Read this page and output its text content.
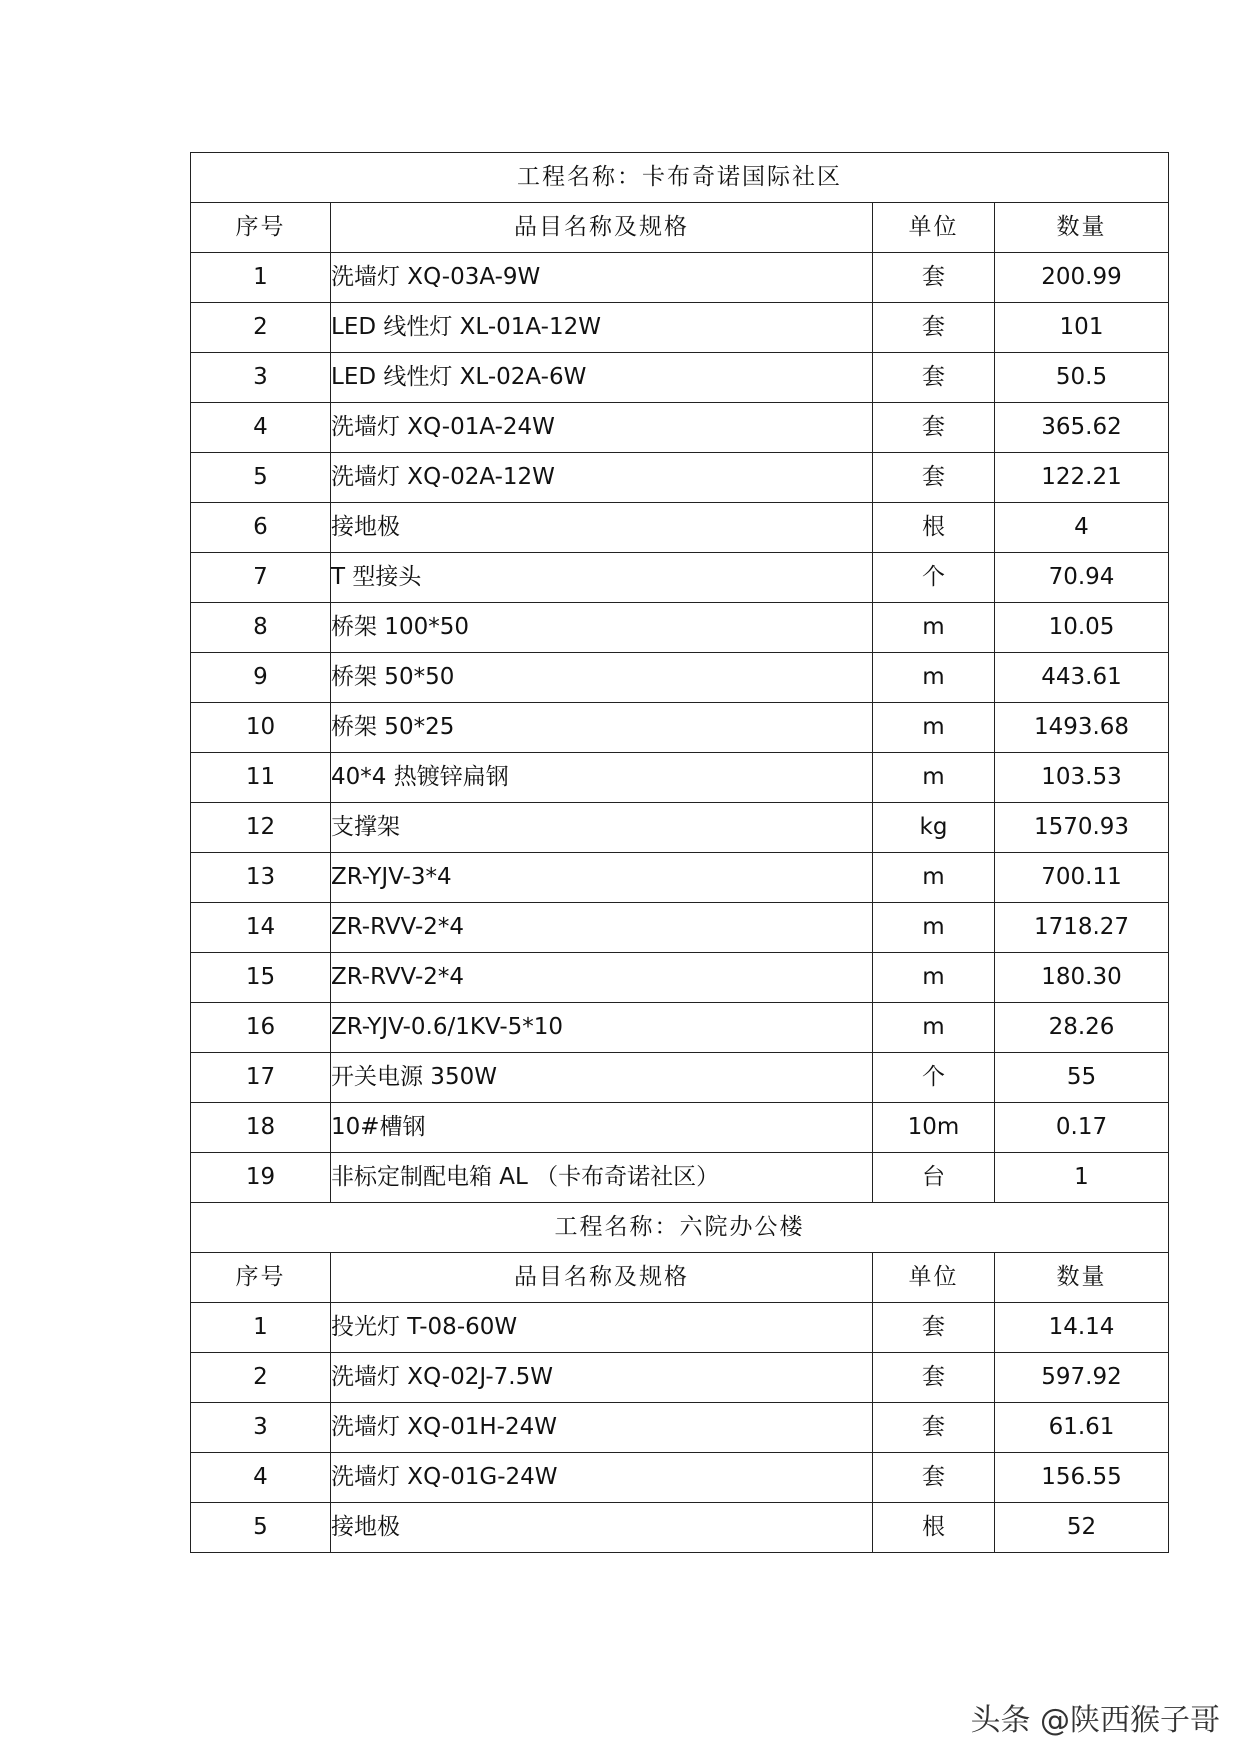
工程名称：卡布奇诺国际社区			
序号	品目名称及规格	单位	数量
1	洗墙灯 XQ-03A-9W	套	200.99
2	LED 线性灯 XL-01A-12W	套	101
3	LED 线性灯 XL-02A-6W	套	50.5
4	洗墙灯 XQ-01A-24W	套	365.62
5	洗墙灯 XQ-02A-12W	套	122.21
6	接地极	根	4
7	T 型接头	个	70.94
8	桥架 100*50	m	10.05
9	桥架 50*50	m	443.61
10	桥架 50*25	m	1493.68
11	40*4 热镀锌扁钢	m	103.53
12	支撑架	kg	1570.93
13	ZR-YJV-3*4	m	700.11
14	ZR-RVV-2*4	m	1718.27
15	ZR-RVV-2*4	m	180.30
16	ZR-YJV-0.6/1KV-5*10	m	28.26
17	开关电源 350W	个	55
18	10#槽钢	10m	0.17
19	非标定制配电箱 AL （卡布奇诺社区）	台	1
工程名称：六院办公楼			
序号	品目名称及规格	单位	数量
1	投光灯 T-08-60W	套	14.14
2	洗墙灯 XQ-02J-7.5W	套	597.92
3	洗墙灯 XQ-01H-24W	套	61.61
4	洗墙灯 XQ-01G-24W	套	156.55
5	接地极	根	52
头条 @陕西猴子哥
